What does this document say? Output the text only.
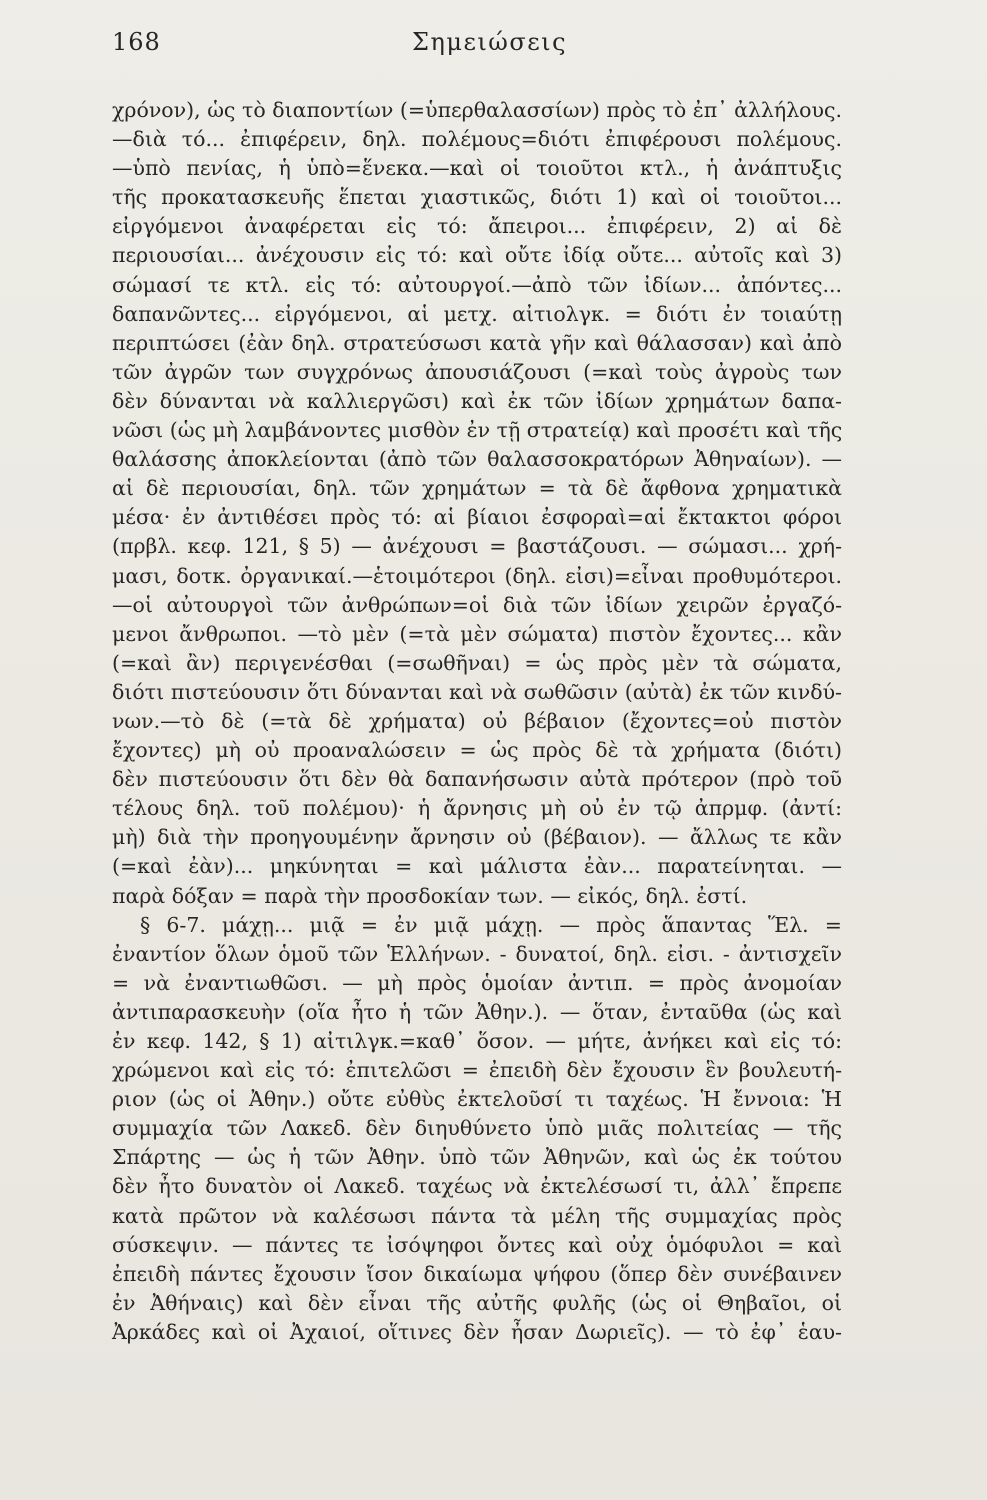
168	Σημειώσεις
χρόνον), ὡς τὸ διαποντίων (=ὑπερθαλασσίων) πρὸς τὸ ἐπ᾽ ἀλλήλους.
—διὰ τό... ἐπιφέρειν, δηλ. πολέμους=διότι ἐπιφέρουσι πολέμους.
—ὑπὸ πενίας, ἡ ὑπὸ=ἕνεκα.—καὶ οἱ τοιοῦτοι κτλ., ἡ ἀνάπτυξις
τῆς προκατασκευῆς ἕπεται χιαστικῶς, διότι 1) καὶ οἱ τοιοῦτοι...
εἰργόμενοι ἀναφέρεται εἰς τό: ἄπειροι... ἐπιφέρειν, 2) αἱ δὲ
περιουσίαι... ἀνέχουσιν εἰς τό: καὶ οὔτε ἰδίᾳ οὔτε... αὐτοῖς καὶ 3)
σώμασί τε κτλ. εἰς τό: αὐτουργοί.—ἀπὸ τῶν ἰδίων... ἀπόντες...
δαπανῶντες... εἰργόμενοι, αἱ μετχ. αἰτιολγκ. = διότι ἐν τοιαύτῃ
περιπτώσει (ἐὰν δηλ. στρατεύσωσι κατὰ γῆν καὶ θάλασσαν) καὶ ἀπὸ
τῶν ἀγρῶν των συγχρόνως ἀπουσιάζουσι (=καὶ τοὺς ἀγροὺς των
δὲν δύνανται νὰ καλλιεργῶσι) καὶ ἐκ τῶν ἰδίων χρημάτων δαπα-
νῶσι (ὡς μὴ λαμβάνοντες μισθὸν ἐν τῇ στρατείᾳ) καὶ προσέτι καὶ τῆς
θαλάσσης ἀποκλείονται (ἀπὸ τῶν θαλασσοκρατόρων Ἀθηναίων). —
αἱ δὲ περιουσίαι, δηλ. τῶν χρημάτων = τὰ δὲ ἄφθονα χρηματικὰ
μέσα· ἐν ἀντιθέσει πρὸς τό: αἱ βίαιοι ἐσφοραὶ=αἱ ἔκτακτοι φόροι
(πρβλ. κεφ. 121, § 5) — ἀνέχουσι = βαστάζουσι. — σώμασι... χρή-
μασι, δοτκ. ὀργανικαί.—ἑτοιμότεροι (δηλ. εἰσι)=εἶναι προθυμότεροι.
—οἱ αὐτουργοὶ τῶν ἀνθρώπων=οἱ διὰ τῶν ἰδίων χειρῶν ἐργαζό-
μενοι ἄνθρωποι. —τὸ μὲν (=τὰ μὲν σώματα) πιστὸν ἔχοντες... κἂν
(=καὶ ἂν) περιγενέσθαι (=σωθῆναι) = ὡς πρὸς μὲν τὰ σώματα,
διότι πιστεύουσιν ὅτι δύνανται καὶ νὰ σωθῶσιν (αὐτὰ) ἐκ τῶν κινδύ-
νων.—τὸ δὲ (=τὰ δὲ χρήματα) οὐ βέβαιον (ἔχοντες=οὐ πιστὸν
ἔχοντες) μὴ οὐ προαναλώσειν = ὡς πρὸς δὲ τὰ χρήματα (διότι)
δὲν πιστεύουσιν ὅτι δὲν θὰ δαπανήσωσιν αὐτὰ πρότερον (πρὸ τοῦ
τέλους δηλ. τοῦ πολέμου)· ἡ ἄρνησις μὴ οὐ ἐν τῷ ἀπρμφ. (ἀντί:
μὴ) διὰ τὴν προηγουμένην ἄρνησιν οὐ (βέβαιον). — ἄλλως τε κἂν
(=καὶ ἐὰν)... μηκύνηται = καὶ μάλιστα ἐὰν... παρατείνηται. —
παρὰ δόξαν = παρὰ τὴν προσδοκίαν των. — εἰκός, δηλ. ἐστί.
§ 6-7. μάχῃ... μιᾷ = ἐν μιᾷ μάχῃ. — πρὸς ἅπαντας Ἕλ. =
ἐναντίον ὅλων ὁμοῦ τῶν Ἑλλήνων. - δυνατοί, δηλ. εἰσι. - ἀντισχεῖν
= νὰ ἐναντιωθῶσι. — μὴ πρὸς ὁμοίαν ἀντιπ. = πρὸς ἀνομοίαν
ἀντιπαρασκευὴν (οἵα ἦτο ἡ τῶν Ἀθην.). — ὅταν, ἐνταῦθα (ὡς καὶ
ἐν κεφ. 142, § 1) αἰτιλγκ.=καθ᾽ ὅσον. — μήτε, ἀνήκει καὶ εἰς τό:
χρώμενοι καὶ εἰς τό: ἐπιτελῶσι = ἐπειδὴ δὲν ἔχουσιν ἓν βουλευτή-
ριον (ὡς οἱ Ἀθην.) οὔτε εὐθὺς ἐκτελοῦσί τι ταχέως. Ἡ ἔννοια: Ἡ
συμμαχία τῶν Λακεδ. δὲν διηυθύνετο ὑπὸ μιᾶς πολιτείας — τῆς
Σπάρτης — ὡς ἡ τῶν Ἀθην. ὑπὸ τῶν Ἀθηνῶν, καὶ ὡς ἐκ τούτου
δὲν ἦτο δυνατὸν οἱ Λακεδ. ταχέως νὰ ἐκτελέσωσί τι, ἀλλ᾽ ἔπρεπε
κατὰ πρῶτον νὰ καλέσωσι πάντα τὰ μέλη τῆς συμμαχίας πρὸς
σύσκεψιν. — πάντες τε ἰσόψηφοι ὄντες καὶ οὐχ ὁμόφυλοι = καὶ
ἐπειδὴ πάντες ἔχουσιν ἴσον δικαίωμα ψήφου (ὅπερ δὲν συνέβαινεν
ἐν Ἀθήναις) καὶ δὲν εἶναι τῆς αὐτῆς φυλῆς (ὡς οἱ Θηβαῖοι, οἱ
Ἀρκάδες καὶ οἱ Ἀχαιοί, οἵτινες δὲν ἦσαν Δωριεῖς). — τὸ ἐφ᾽ ἑαυ-
